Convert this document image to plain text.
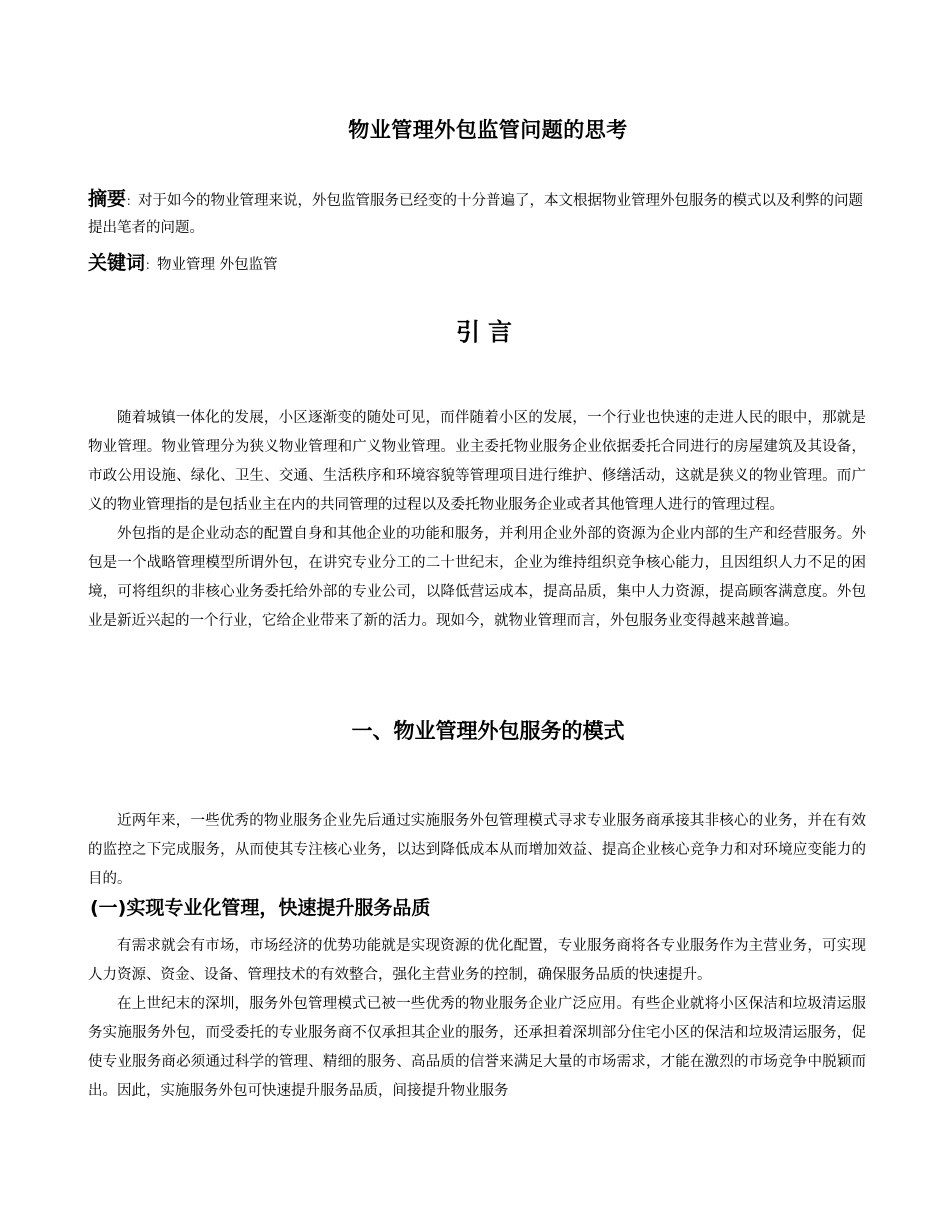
物业管理外包监管问题的思考
摘要：对于如今的物业管理来说，外包监管服务已经变的十分普遍了，本文根据物业管理外包服务的模式以及利弊的问题提出笔者的问题。
关键词：物业管理 外包监管
引言

随着城镇一体化的发展，小区逐渐变的随处可见，而伴随着小区的发展，一个行业也快速的走进人民的眼中，那就是物业管理。物业管理分为狭义物业管理和广义物业管理。业主委托物业服务企业依据委托合同进行的房屋建筑及其设备，市政公用设施、绿化、卫生、交通、生活秩序和环境容貌等管理项目进行维护、修缮活动，这就是狭义的物业管理。而广义的物业管理指的是包括业主在内的共同管理的过程以及委托物业服务企业或者其他管理人进行的管理过程。

外包指的是企业动态的配置自身和其他企业的功能和服务，并利用企业外部的资源为企业内部的生产和经营服务。外包是一个战略管理模型所谓外包，在讲究专业分工的二十世纪末，企业为维持组织竞争核心能力，且因组织人力不足的困境，可将组织的非核心业务委托给外部的专业公司，以降低营运成本，提高品质，集中人力资源，提高顾客满意度。外包业是新近兴起的一个行业，它给企业带来了新的活力。现如今，就物业管理而言，外包服务业变得越来越普遍。

一、物业管理外包服务的模式

近两年来，一些优秀的物业服务企业先后通过实施服务外包管理模式寻求专业服务商承接其非核心的业务，并在有效的监控之下完成服务，从而使其专注核心业务，以达到降低成本从而增加效益、提高企业核心竞争力和对环境应变能力的目的。

(一)实现专业化管理，快速提升服务品质

有需求就会有市场，市场经济的优势功能就是实现资源的优化配置，专业服务商将各专业服务作为主营业务，可实现人力资源、资金、设备、管理技术的有效整合，强化主营业务的控制，确保服务品质的快速提升。

在上世纪末的深圳，服务外包管理模式已被一些优秀的物业服务企业广泛应用。有些企业就将小区保洁和垃圾清运服务实施服务外包，而受委托的专业服务商不仅承担其企业的服务，还承担着深圳部分住宅小区的保洁和垃圾清运服务，促使专业服务商必须通过科学的管理、精细的服务、高品质的信誉来满足大量的市场需求，才能在激烈的市场竞争中脱颖而出。因此，实施服务外包可快速提升服务品质，间接提升物业服务
